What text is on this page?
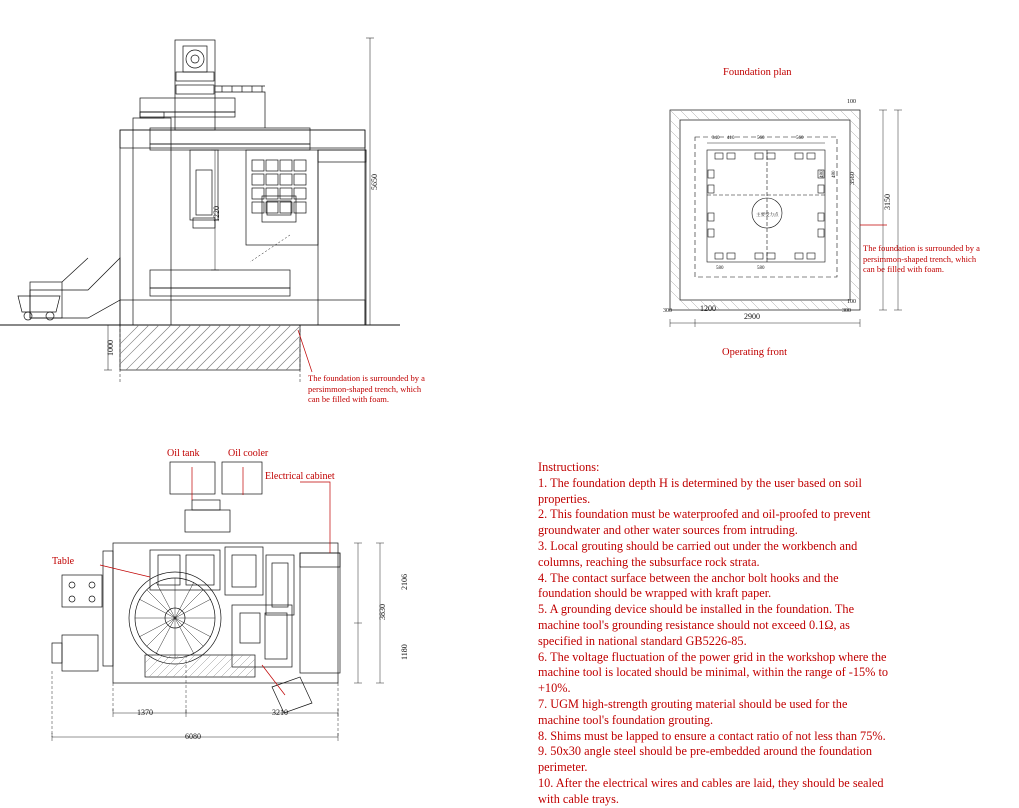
5650
1220
1000
The foundation is surrounded by a persimmon-shaped trench, which can be filled with foam.
Foundation plan
Operating front
1200
2900
3150
3560
300	300
100
100
340 410	560	560
580	580
480 480
主要受力点
The foundation is surrounded by a persimmon-shaped trench, which can be filled with foam.
Oil tank	Oil cooler
Electrical cabinet
Table
2106
3830
1180
1370	3210
6080

Instructions:

1. The foundation depth H is determined by the user based on soil properties.

2. This foundation must be waterproofed and oil-proofed to prevent groundwater and other water sources from intruding.

3. Local grouting should be carried out under the workbench and columns, reaching the subsurface rock strata.

4. The contact surface between the anchor bolt hooks and the foundation should be wrapped with kraft paper.

5. A grounding device should be installed in the foundation. The machine tool's grounding resistance should not exceed 0.1Ω, as specified in national standard GB5226-85.

6. The voltage fluctuation of the power grid in the workshop where the machine tool is located should be minimal, within the range of -15% to +10%.

7. UGM high-strength grouting material should be used for the machine tool's foundation grouting.

8. Shims must be lapped to ensure a contact ratio of not less than 75%.

9. 50x30 angle steel should be pre-embedded around the foundation perimeter.

10. After the electrical wires and cables are laid, they should be sealed with cable trays.
